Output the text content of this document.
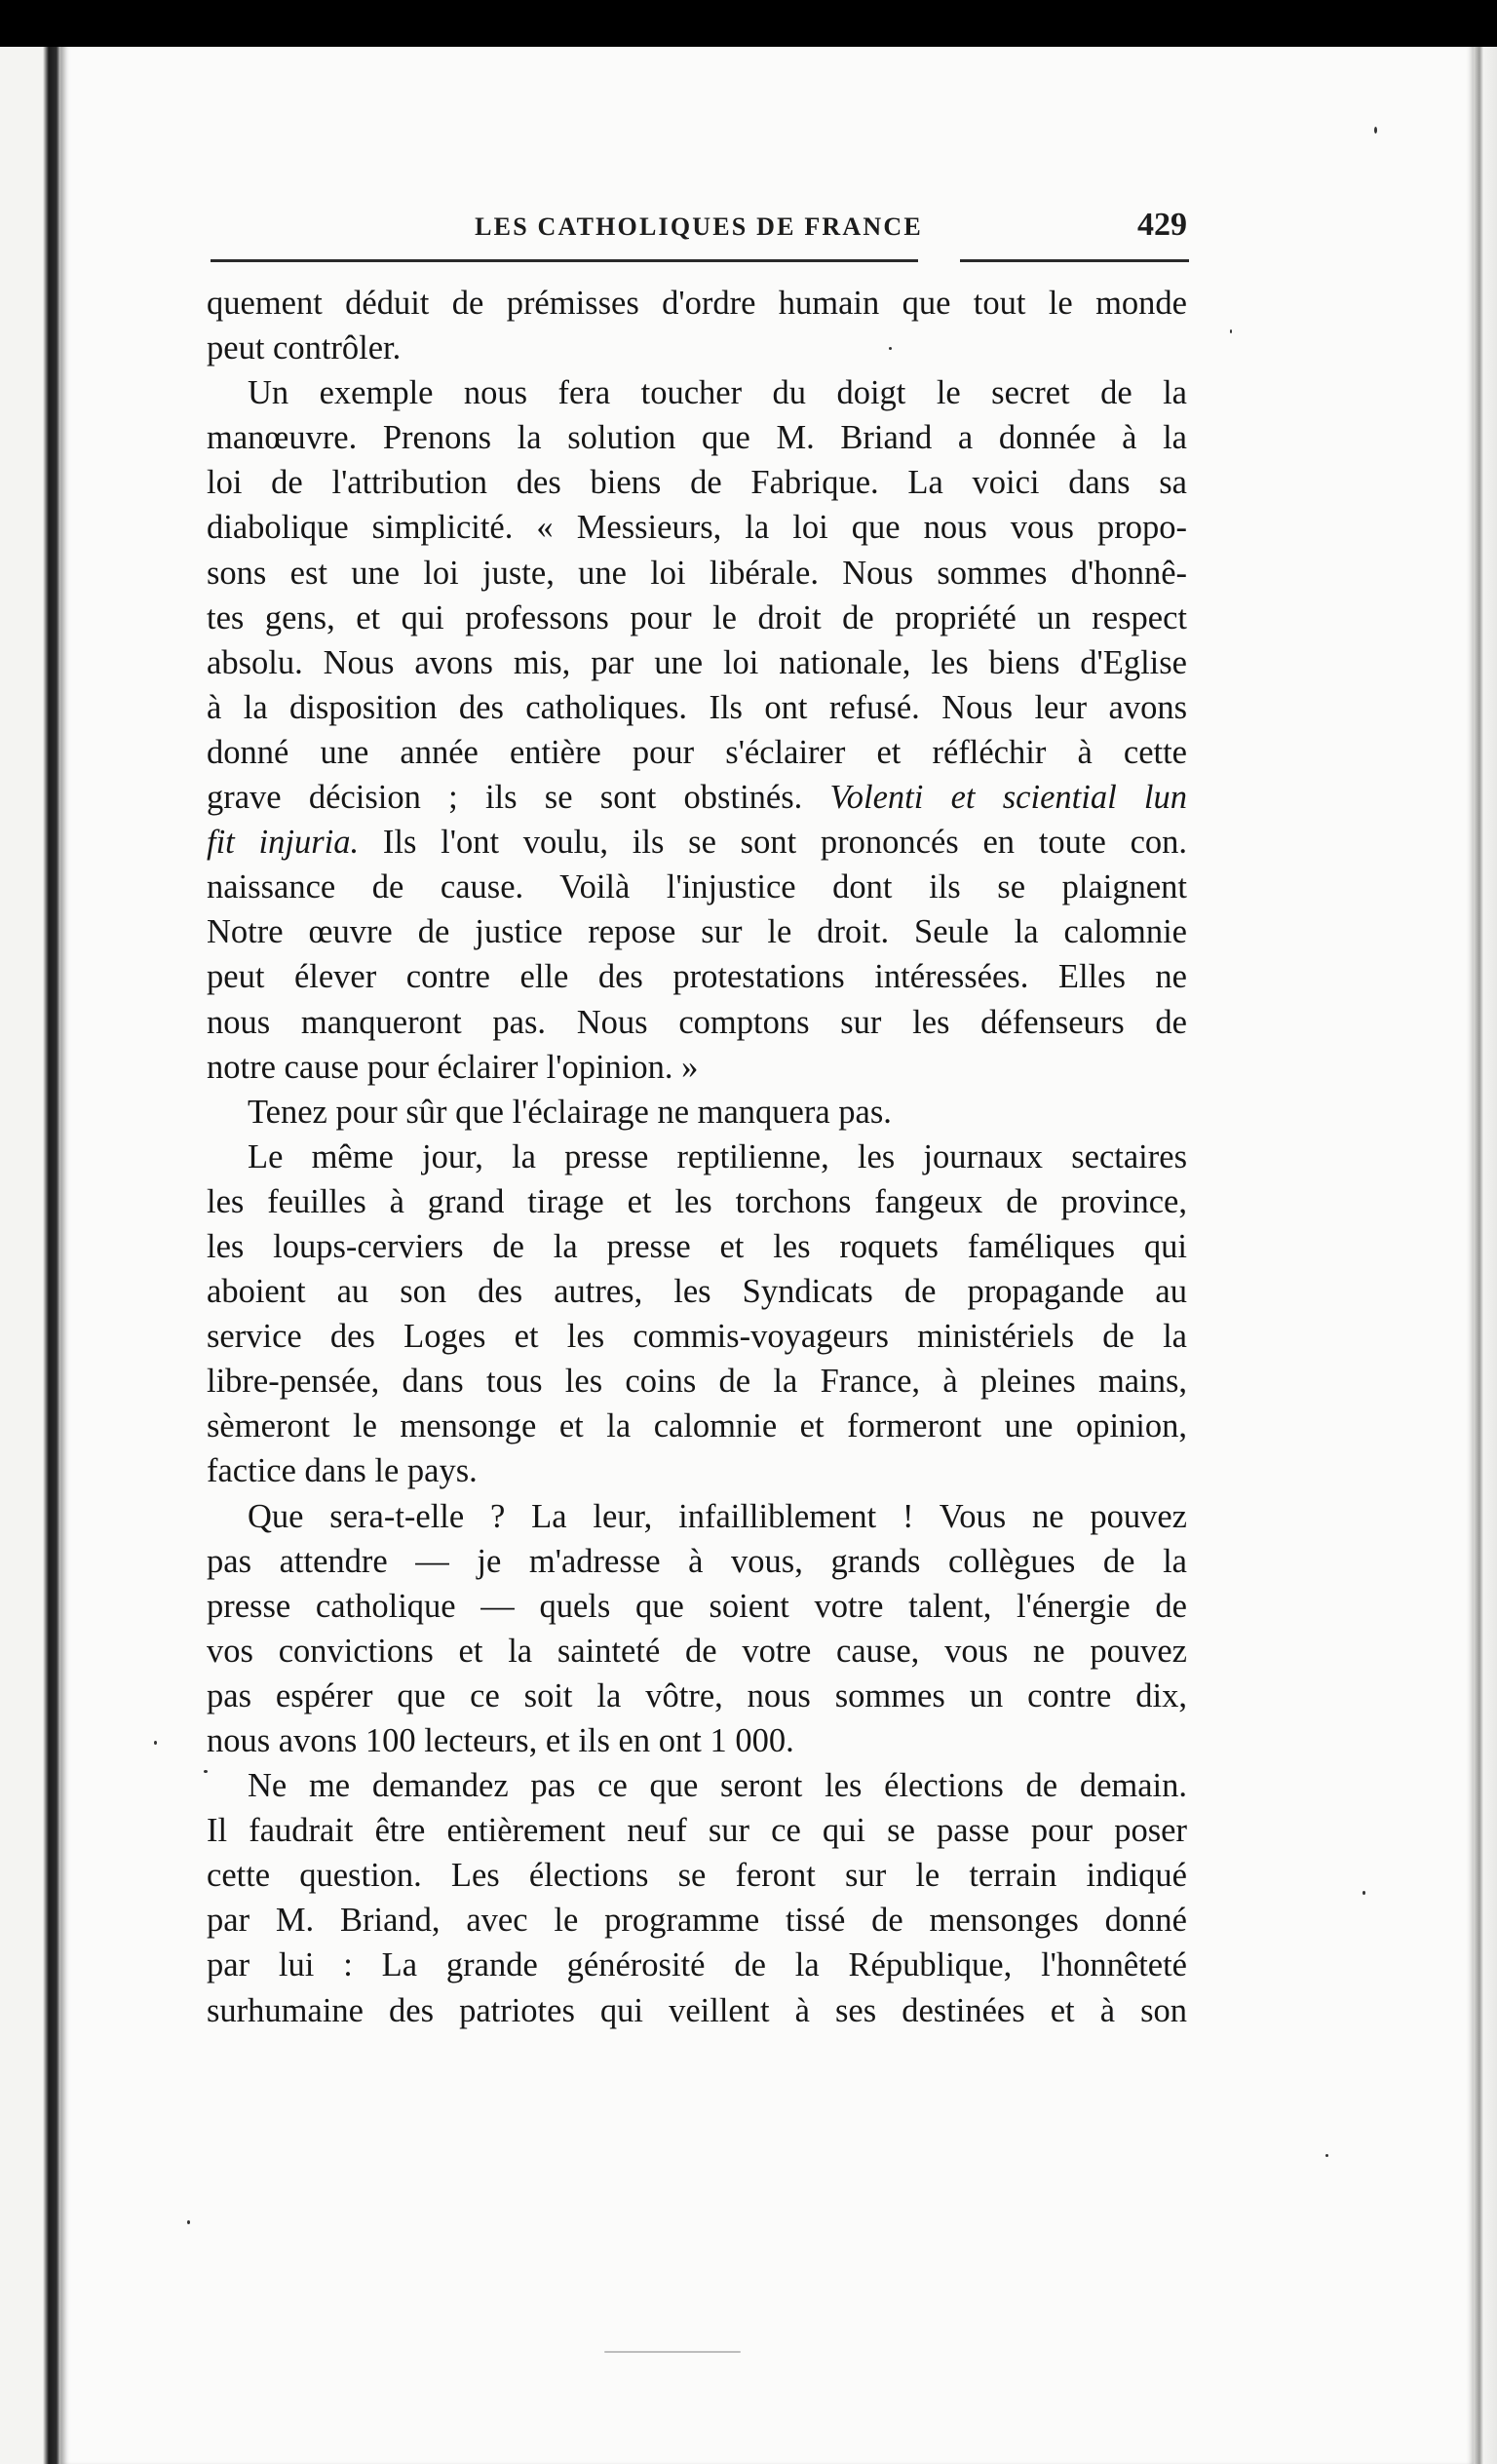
LES CATHOLIQUES DE FRANCE	429
quement déduit de prémisses d'ordre humain que tout le monde
peut contrôler.
Un exemple nous fera toucher du doigt le secret de la
manœuvre. Prenons la solution que M. Briand a donnée à la
loi de l'attribution des biens de Fabrique. La voici dans sa
diabolique simplicité. « Messieurs, la loi que nous vous propo-
sons est une loi juste, une loi libérale. Nous sommes d'honnê-
tes gens, et qui professons pour le droit de propriété un respect
absolu. Nous avons mis, par une loi nationale, les biens d'Eglise
à la disposition des catholiques. Ils ont refusé. Nous leur avons
donné une année entière pour s'éclairer et réfléchir à cette
grave décision ; ils se sont obstinés. Volenti et sciential lun
fit injuria. Ils l'ont voulu, ils se sont prononcés en toute con.
naissance de cause. Voilà l'injustice dont ils se plaignent
Notre œuvre de justice repose sur le droit. Seule la calomnie
peut élever contre elle des protestations intéressées. Elles ne
nous manqueront pas. Nous comptons sur les défenseurs de
notre cause pour éclairer l'opinion. »
Tenez pour sûr que l'éclairage ne manquera pas.
Le même jour, la presse reptilienne, les journaux sectaires
les feuilles à grand tirage et les torchons fangeux de province,
les loups-cerviers de la presse et les roquets faméliques qui
aboient au son des autres, les Syndicats de propagande au
service des Loges et les commis-voyageurs ministériels de la
libre-pensée, dans tous les coins de la France, à pleines mains,
sèmeront le mensonge et la calomnie et formeront une opinion,
factice dans le pays.
Que sera-t-elle ? La leur, infailliblement ! Vous ne pouvez
pas attendre — je m'adresse à vous, grands collègues de la
presse catholique — quels que soient votre talent, l'énergie de
vos convictions et la sainteté de votre cause, vous ne pouvez
pas espérer que ce soit la vôtre, nous sommes un contre dix,
nous avons 100 lecteurs, et ils en ont 1 000.
Ne me demandez pas ce que seront les élections de demain.
Il faudrait être entièrement neuf sur ce qui se passe pour poser
cette question. Les élections se feront sur le terrain indiqué
par M. Briand, avec le programme tissé de mensonges donné
par lui : La grande générosité de la République, l'honnêteté
surhumaine des patriotes qui veillent à ses destinées et à son
